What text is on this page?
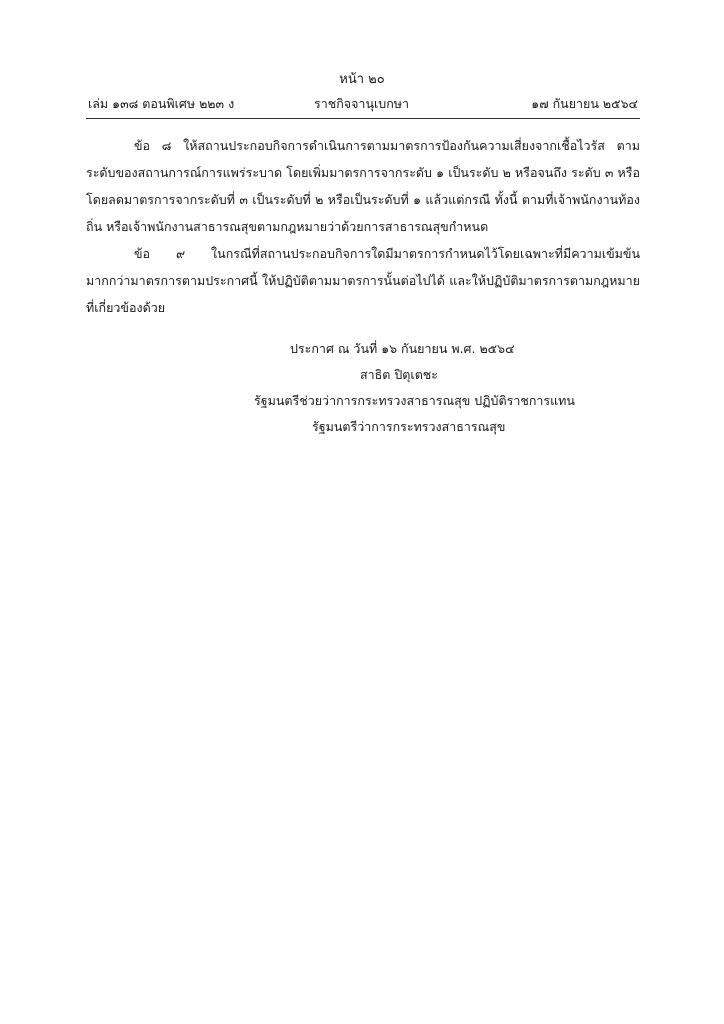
หน้า ๒๐
เล่ม ๑๓๘ ตอนพิเศษ ๒๒๓ ง	ราชกิจจานุเบกษา	๑๗ กันยายน ๒๕๖๔

ข้อ ๘ ให้สถานประกอบกิจการดำเนินการตามมาตรการป้องกันความเสี่ยงจากเชื้อไวรัส ตามระดับของสถานการณ์การแพร่ระบาด โดยเพิ่มมาตรการจากระดับ ๑ เป็นระดับ ๒ หรือจนถึง ระดับ ๓ หรือโดยลดมาตรการจากระดับที่ ๓ เป็นระดับที่ ๒ หรือเป็นระดับที่ ๑ แล้วแต่กรณี ทั้งนี้ ตามที่เจ้าพนักงานท้องถิ่น หรือเจ้าพนักงานสาธารณสุขตามกฎหมายว่าด้วยการสาธารณสุขกำหนด

ข้อ ๙ ในกรณีที่สถานประกอบกิจการใดมีมาตรการกำหนดไว้โดยเฉพาะที่มีความเข้มข้น มากกว่ามาตรการตามประกาศนี้ ให้ปฏิบัติตามมาตรการนั้นต่อไปได้ และให้ปฏิบัติมาตรการตามกฎหมาย ที่เกี่ยวข้องด้วย

ประกาศ ณ วันที่ ๑๖ กันยายน พ.ศ. ๒๕๖๔
สาธิต ปิตุเตชะ
รัฐมนตรีช่วยว่าการกระทรวงสาธารณสุข ปฏิบัติราชการแทน
รัฐมนตรีว่าการกระทรวงสาธารณสุข
